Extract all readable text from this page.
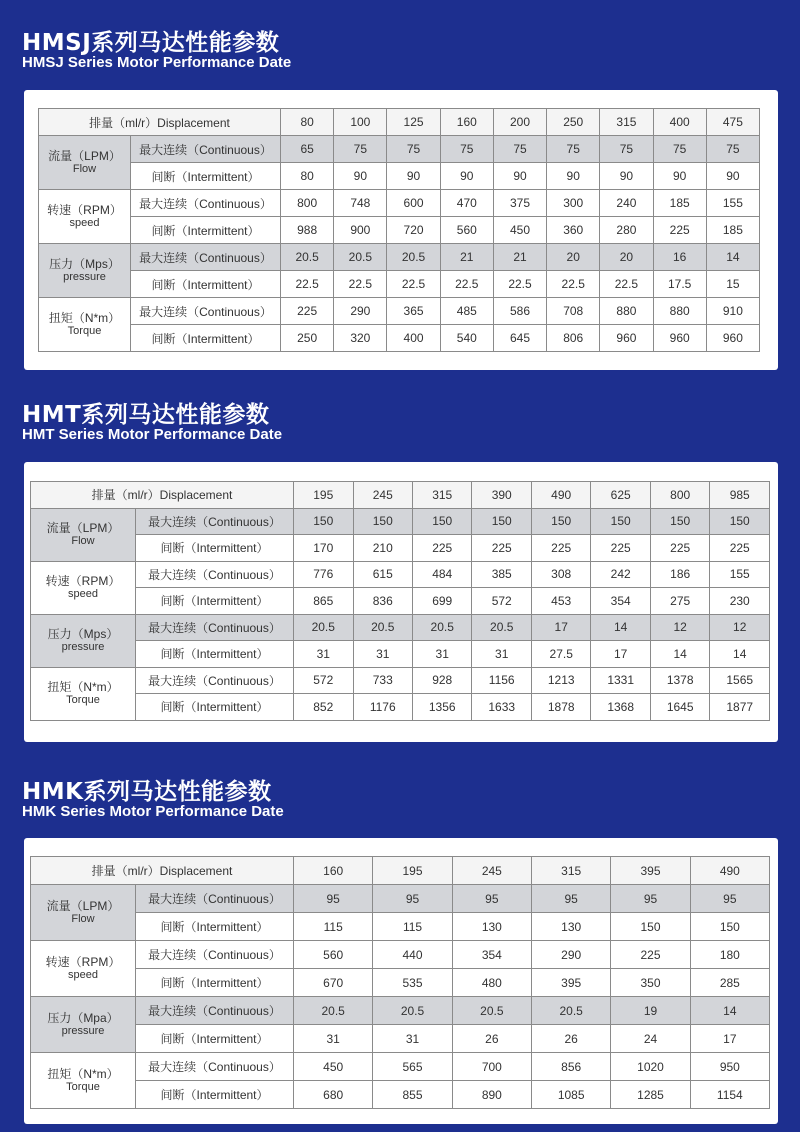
HMSJ系列马达性能参数
HMSJ Series Motor Performance Date
排量（ml/r）Displacement		80	100	125	160	200	250	315	400	475

流量（LPM）
Flow	最大连续（Continuous）	65	75	75	75	75	75	75	75	75
	间断（Intermittent）	80	90	90	90	90	90	90	90	90

转速（RPM）
speed	最大连续（Continuous）	800	748	600	470	375	300	240	185	155
	间断（Intermittent）	988	900	720	560	450	360	280	225	185

压力（Mps）
pressure	最大连续（Continuous）	20.5	20.5	20.5	21	21	20	20	16	14
	间断（Intermittent）	22.5	22.5	22.5	22.5	22.5	22.5	22.5	17.5	15

扭矩（N*m）
Torque	最大连续（Continuous）	225	290	365	485	586	708	880	880	910
	间断（Intermittent）	250	320	400	540	645	806	960	960	960
HMT系列马达性能参数
HMT Series Motor Performance Date
排量（ml/r）Displacement		195	245	315	390	490	625	800	985

流量（LPM）
Flow	最大连续（Continuous）	150	150	150	150	150	150	150	150
	间断（Intermittent）	170	210	225	225	225	225	225	225

转速（RPM）
speed	最大连续（Continuous）	776	615	484	385	308	242	186	155
	间断（Intermittent）	865	836	699	572	453	354	275	230

压力（Mps）
pressure	最大连续（Continuous）	20.5	20.5	20.5	20.5	17	14	12	12
	间断（Intermittent）	31	31	31	31	27.5	17	14	14

扭矩（N*m）
Torque	最大连续（Continuous）	572	733	928	1156	1213	1331	1378	1565
	间断（Intermittent）	852	1176	1356	1633	1878	1368	1645	1877
HMK系列马达性能参数
HMK Series Motor Performance Date
排量（ml/r）Displacement		160	195	245	315	395	490

流量（LPM）
Flow	最大连续（Continuous）	95	95	95	95	95	95
	间断（Intermittent）	115	115	130	130	150	150

转速（RPM）
speed	最大连续（Continuous）	560	440	354	290	225	180
	间断（Intermittent）	670	535	480	395	350	285

压力（Mpa）
pressure	最大连续（Continuous）	20.5	20.5	20.5	20.5	19	14
	间断（Intermittent）	31	31	26	26	24	17

扭矩（N*m）
Torque	最大连续（Continuous）	450	565	700	856	1020	950
	间断（Intermittent）	680	855	890	1085	1285	1154
